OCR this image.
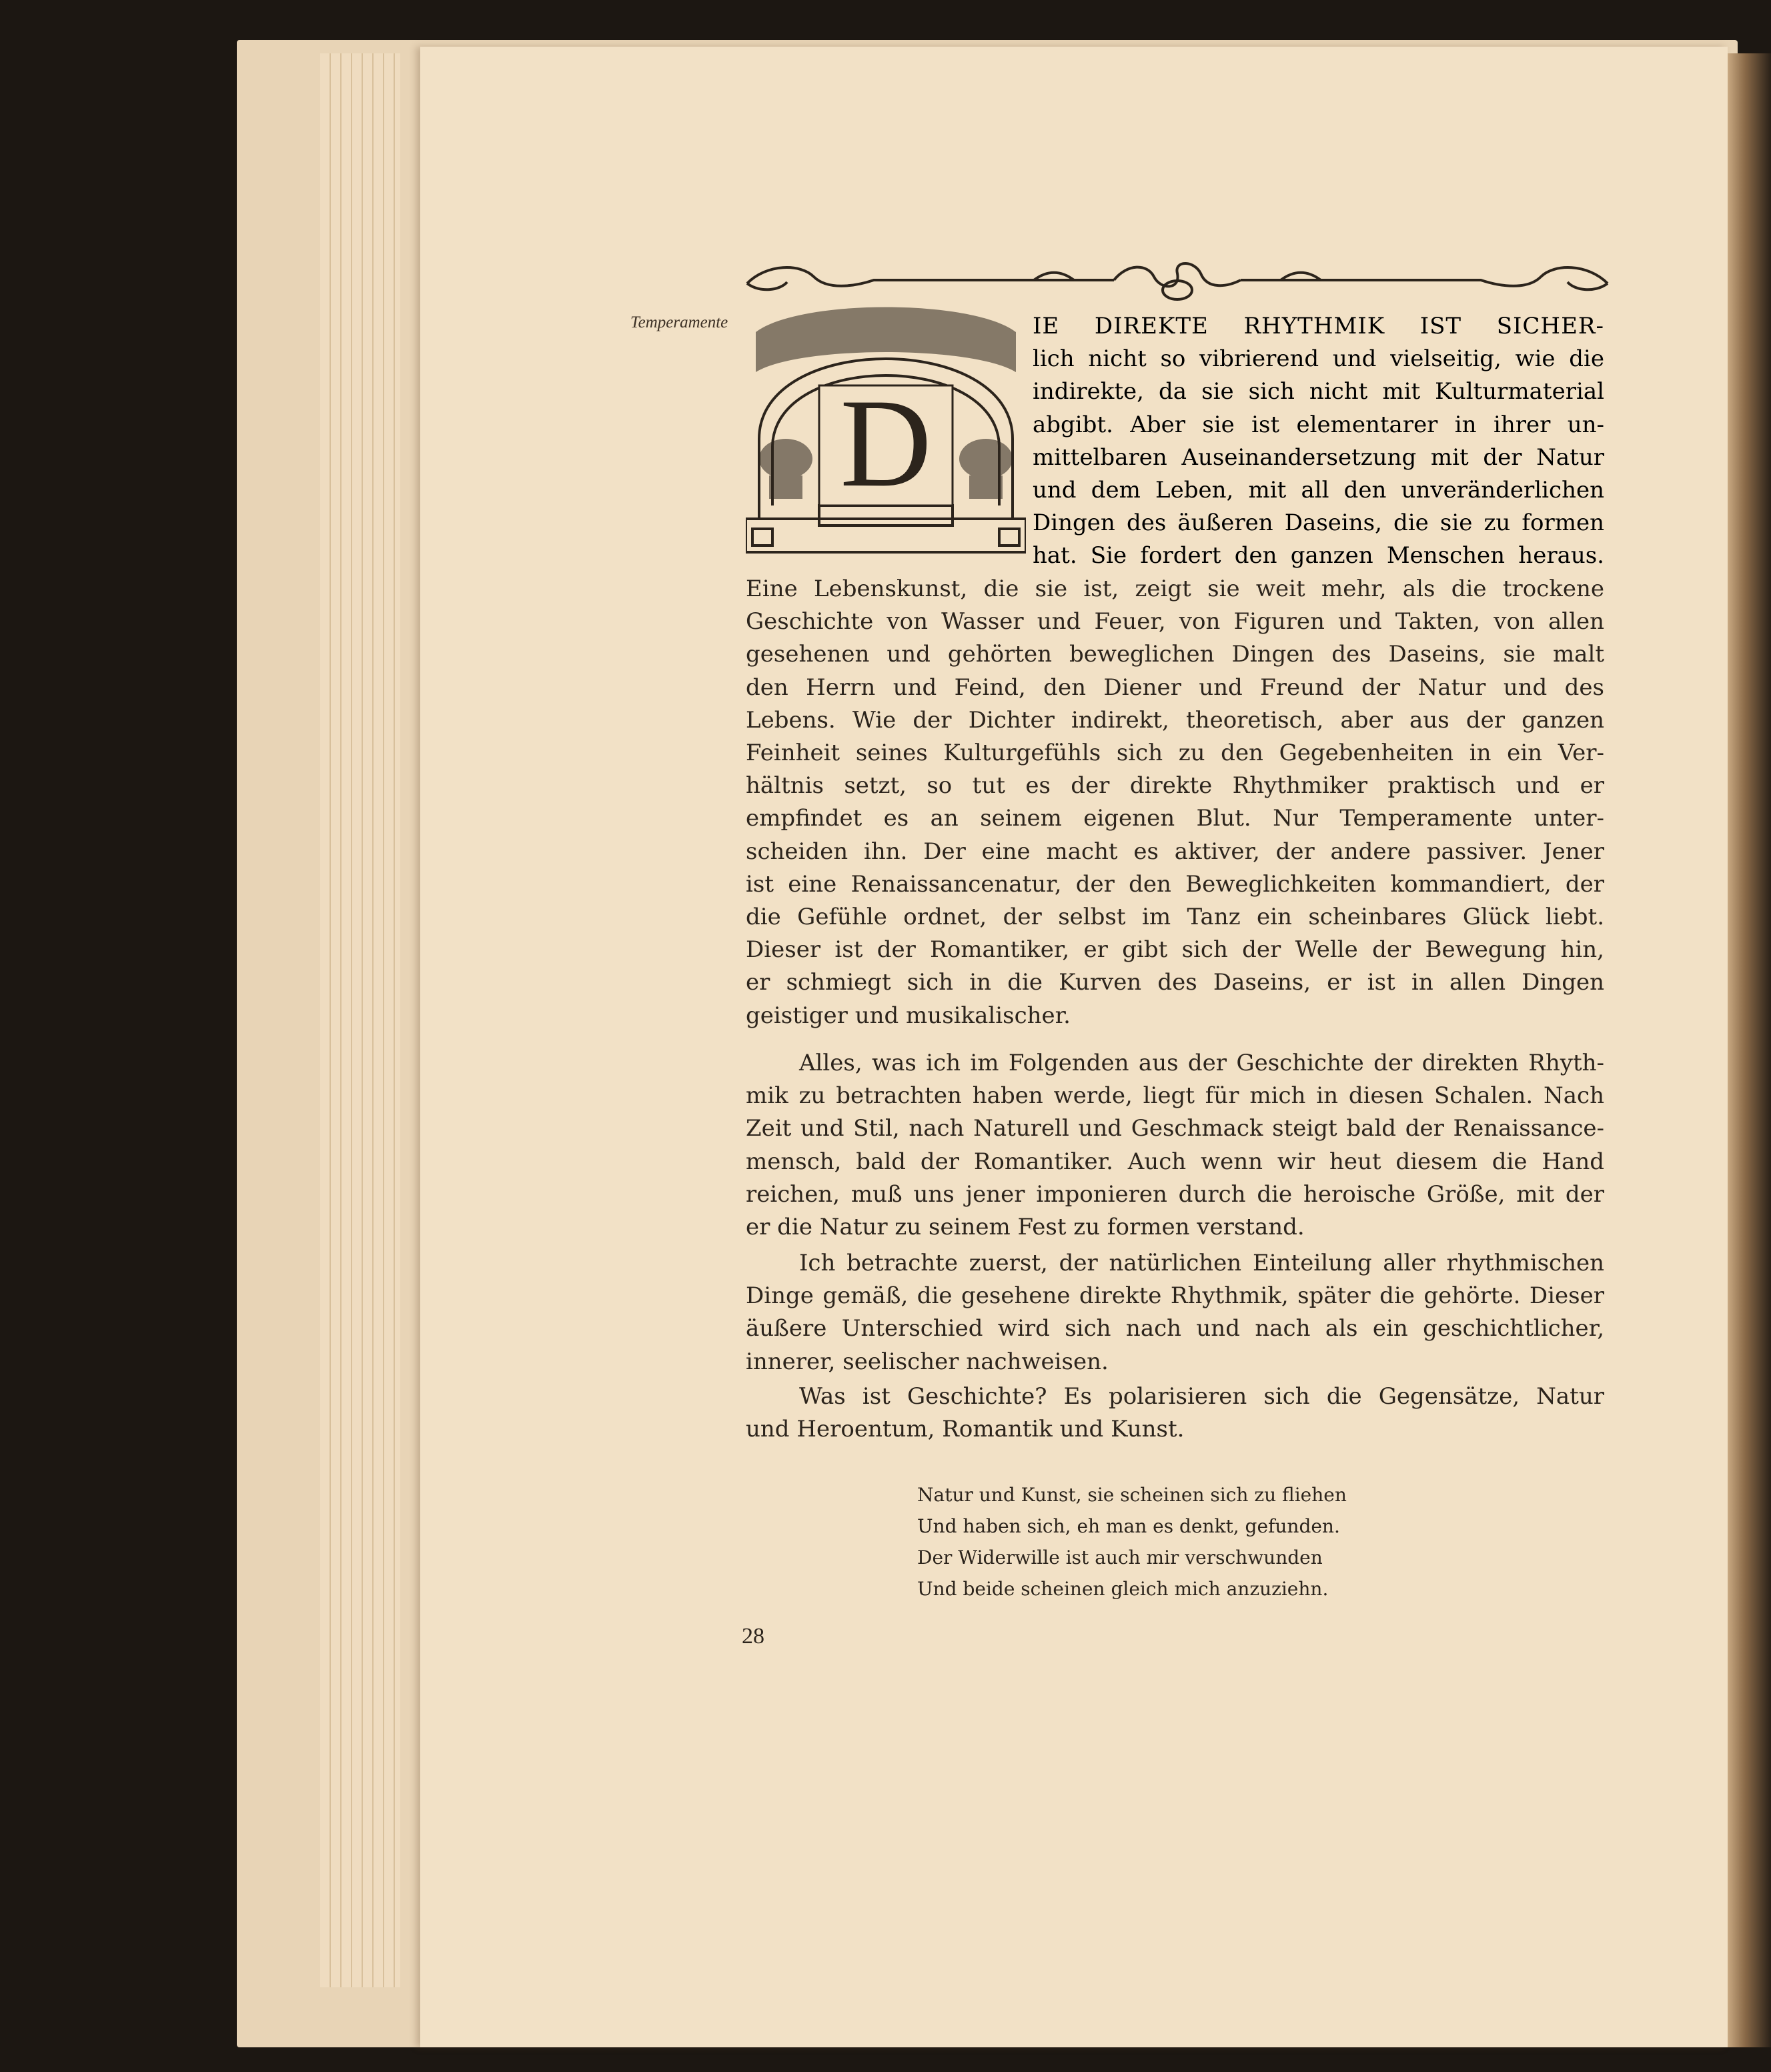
Temperamente
D
IE DIREKTE RHYTHMIK IST SICHER-
lich nicht so vibrierend und vielseitig, wie die
indirekte, da sie sich nicht mit Kulturmaterial
abgibt. Aber sie ist elementarer in ihrer un-
mittelbaren Auseinandersetzung mit der Natur
und dem Leben, mit all den unveränderlichen
Dingen des äußeren Daseins, die sie zu formen
hat. Sie fordert den ganzen Menschen heraus.
Eine Lebenskunst, die sie ist, zeigt sie weit mehr, als die trockene
Geschichte von Wasser und Feuer, von Figuren und Takten, von allen
gesehenen und gehörten beweglichen Dingen des Daseins, sie malt
den Herrn und Feind, den Diener und Freund der Natur und des
Lebens. Wie der Dichter indirekt, theoretisch, aber aus der ganzen
Feinheit seines Kulturgefühls sich zu den Gegebenheiten in ein Ver-
hältnis setzt, so tut es der direkte Rhythmiker praktisch und er
empfindet es an seinem eigenen Blut. Nur Temperamente unter-
scheiden ihn. Der eine macht es aktiver, der andere passiver. Jener
ist eine Renaissancenatur, der den Beweglichkeiten kommandiert, der
die Gefühle ordnet, der selbst im Tanz ein scheinbares Glück liebt.
Dieser ist der Romantiker, er gibt sich der Welle der Bewegung hin,
er schmiegt sich in die Kurven des Daseins, er ist in allen Dingen
geistiger und musikalischer.
Alles, was ich im Folgenden aus der Geschichte der direkten Rhyth-
mik zu betrachten haben werde, liegt für mich in diesen Schalen. Nach
Zeit und Stil, nach Naturell und Geschmack steigt bald der Renaissance-
mensch, bald der Romantiker. Auch wenn wir heut diesem die Hand
reichen, muß uns jener imponieren durch die heroische Größe, mit der
er die Natur zu seinem Fest zu formen verstand.
Ich betrachte zuerst, der natürlichen Einteilung aller rhythmischen
Dinge gemäß, die gesehene direkte Rhythmik, später die gehörte. Dieser
äußere Unterschied wird sich nach und nach als ein geschichtlicher,
innerer, seelischer nachweisen.
Was ist Geschichte? Es polarisieren sich die Gegensätze, Natur
und Heroentum, Romantik und Kunst.
Natur und Kunst, sie scheinen sich zu fliehen
Und haben sich, eh man es denkt, gefunden.
Der Widerwille ist auch mir verschwunden
Und beide scheinen gleich mich anzuziehn.
28
